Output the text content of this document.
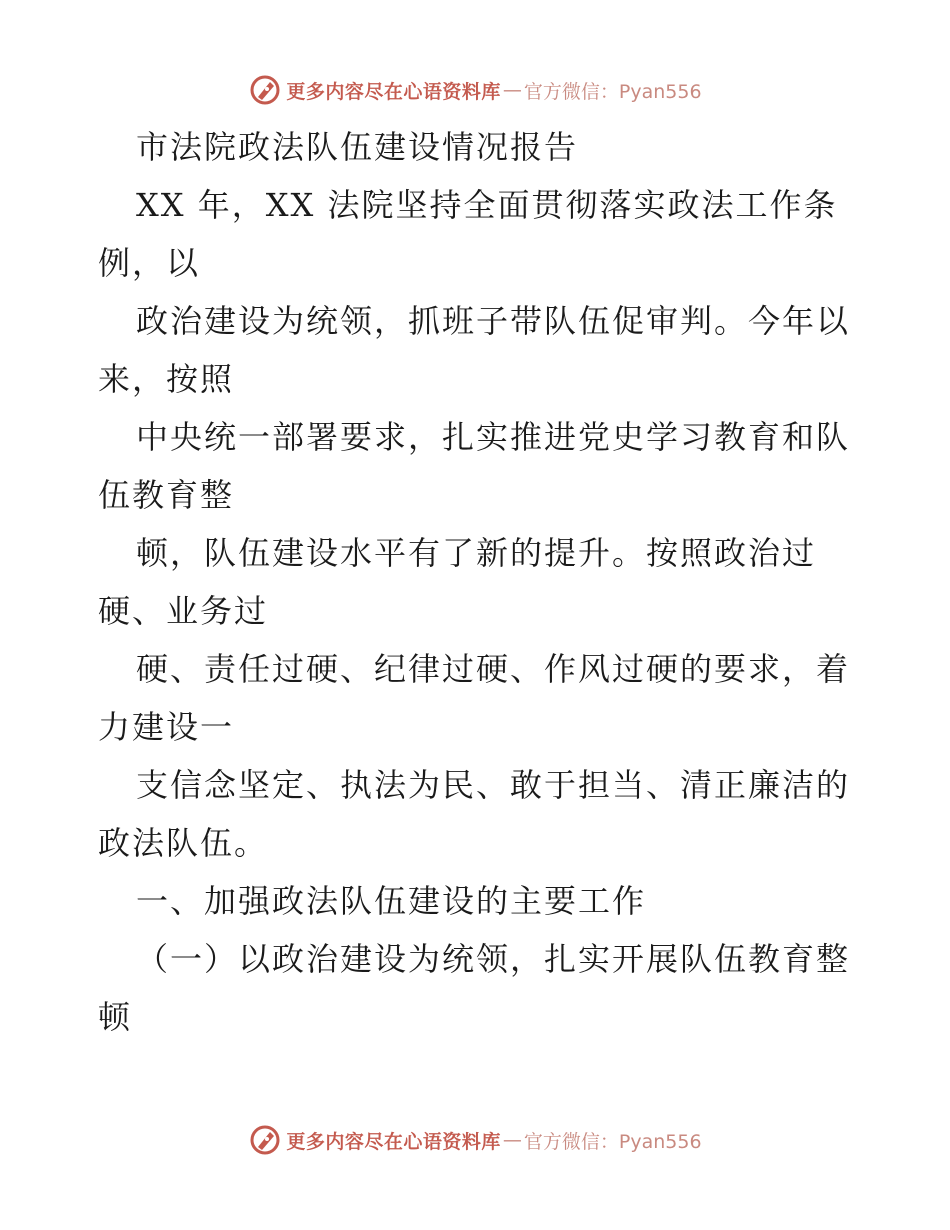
更多内容尽在心语资料库 — 官方微信：Pyan556
市法院政法队伍建设情况报告
XX 年，XX 法院坚持全面贯彻落实政法工作条
例，以
政治建设为统领，抓班子带队伍促审判。今年以
来，按照
中央统一部署要求，扎实推进党史学习教育和队
伍教育整
顿，队伍建设水平有了新的提升。按照政治过
硬、业务过
硬、责任过硬、纪律过硬、作风过硬的要求，着
力建设一
支信念坚定、执法为民、敢于担当、清正廉洁的
政法队伍。
一、加强政法队伍建设的主要工作
（一）以政治建设为统领，扎实开展队伍教育整
顿
更多内容尽在心语资料库 — 官方微信：Pyan556
